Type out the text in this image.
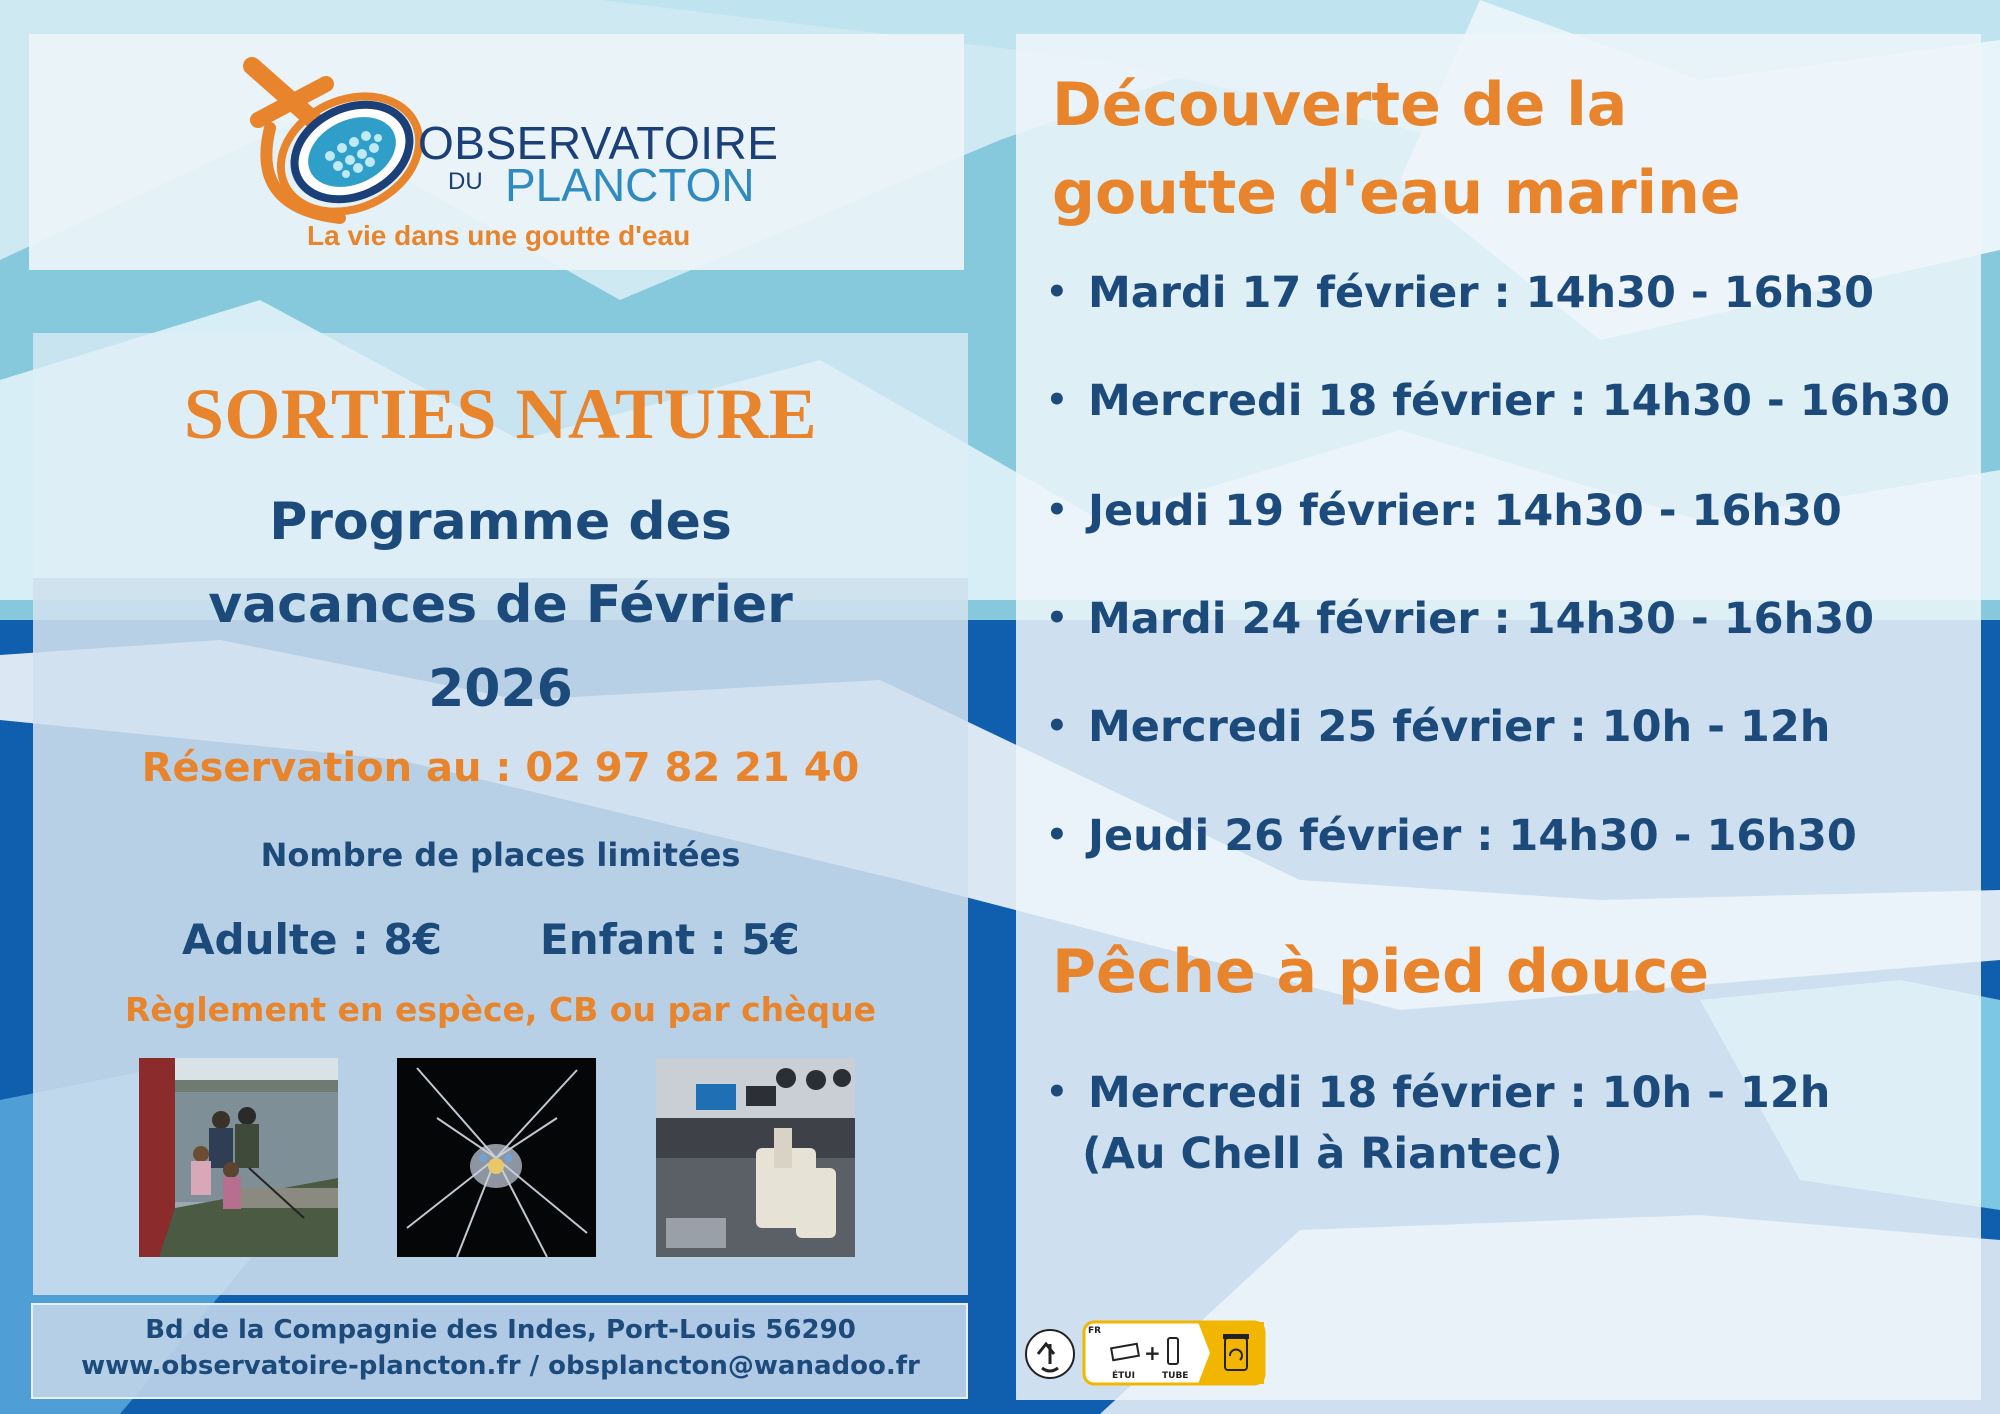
OBSERVATOIRE
DU PLANCTON
La vie dans une goutte d'eau
SORTIES NATURE
Programme des
vacances de Février
2026
Réservation au : 02 97 82 21 40
Nombre de places limitées
Adulte : 8€ Enfant : 5€
Règlement en espèce, CB ou par chèque
Bd de la Compagnie des Indes, Port-Louis 56290
www.observatoire-plancton.fr / obsplancton@wanadoo.fr
Découverte de la
goutte d'eau marine
• Mardi 17 février : 14h30 - 16h30
• Mercredi 18 février : 14h30 - 16h30
• Jeudi 19 février: 14h30 - 16h30
• Mardi 24 février : 14h30 - 16h30
• Mercredi 25 février : 10h - 12h
• Jeudi 26 février : 14h30 - 16h30
Pêche à pied douce
• Mercredi 18 février : 10h - 12h
(Au Chell à Riantec)
FR
+
ÉTUI	TUBE
